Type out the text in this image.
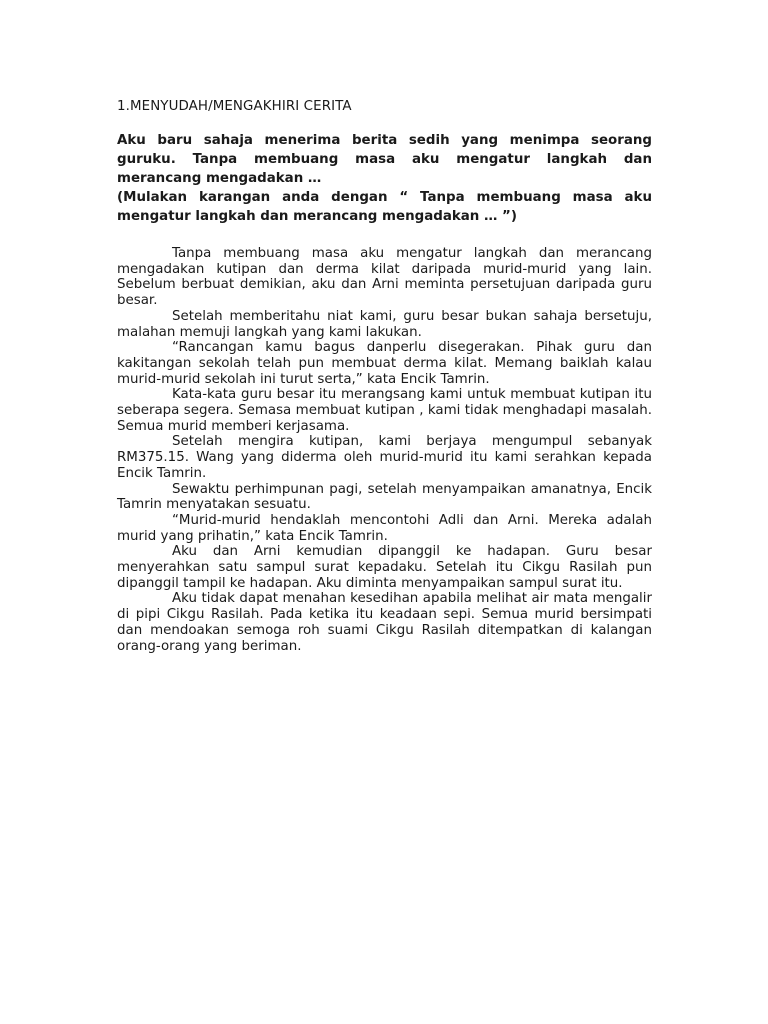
1.MENYUDAH/MENGAKHIRI CERITA

Aku baru sahaja menerima berita sedih yang menimpa seorang guruku. Tanpa membuang masa aku mengatur langkah dan merancang mengadakan …

(Mulakan karangan anda dengan “ Tanpa membuang masa aku mengatur langkah dan merancang mengadakan … ”)

Tanpa membuang masa aku mengatur langkah dan merancang mengadakan kutipan dan derma kilat daripada murid-murid yang lain. Sebelum berbuat demikian, aku dan Arni meminta persetujuan daripada guru besar.

Setelah memberitahu niat kami, guru besar bukan sahaja bersetuju, malahan memuji langkah yang kami lakukan.

“Rancangan kamu bagus danperlu disegerakan. Pihak guru dan kakitangan sekolah telah pun membuat derma kilat. Memang baiklah kalau murid-murid sekolah ini turut serta,” kata Encik Tamrin.

Kata-kata guru besar itu merangsang kami untuk membuat kutipan itu seberapa segera. Semasa membuat kutipan , kami tidak menghadapi masalah. Semua murid memberi kerjasama.

Setelah mengira kutipan, kami berjaya mengumpul sebanyak RM375.15. Wang yang diderma oleh murid-murid itu kami serahkan kepada Encik Tamrin.

Sewaktu perhimpunan pagi, setelah menyampaikan amanatnya, Encik Tamrin menyatakan sesuatu.

“Murid-murid hendaklah mencontohi Adli dan Arni. Mereka adalah murid yang prihatin,” kata Encik Tamrin.

Aku dan Arni kemudian dipanggil ke hadapan. Guru besar menyerahkan satu sampul surat kepadaku. Setelah itu Cikgu Rasilah pun dipanggil tampil ke hadapan. Aku diminta menyampaikan sampul surat itu.

Aku tidak dapat menahan kesedihan apabila melihat air mata mengalir di pipi Cikgu Rasilah. Pada ketika itu keadaan sepi. Semua murid bersimpati dan mendoakan semoga roh suami Cikgu Rasilah ditempatkan di kalangan orang-orang yang beriman.
